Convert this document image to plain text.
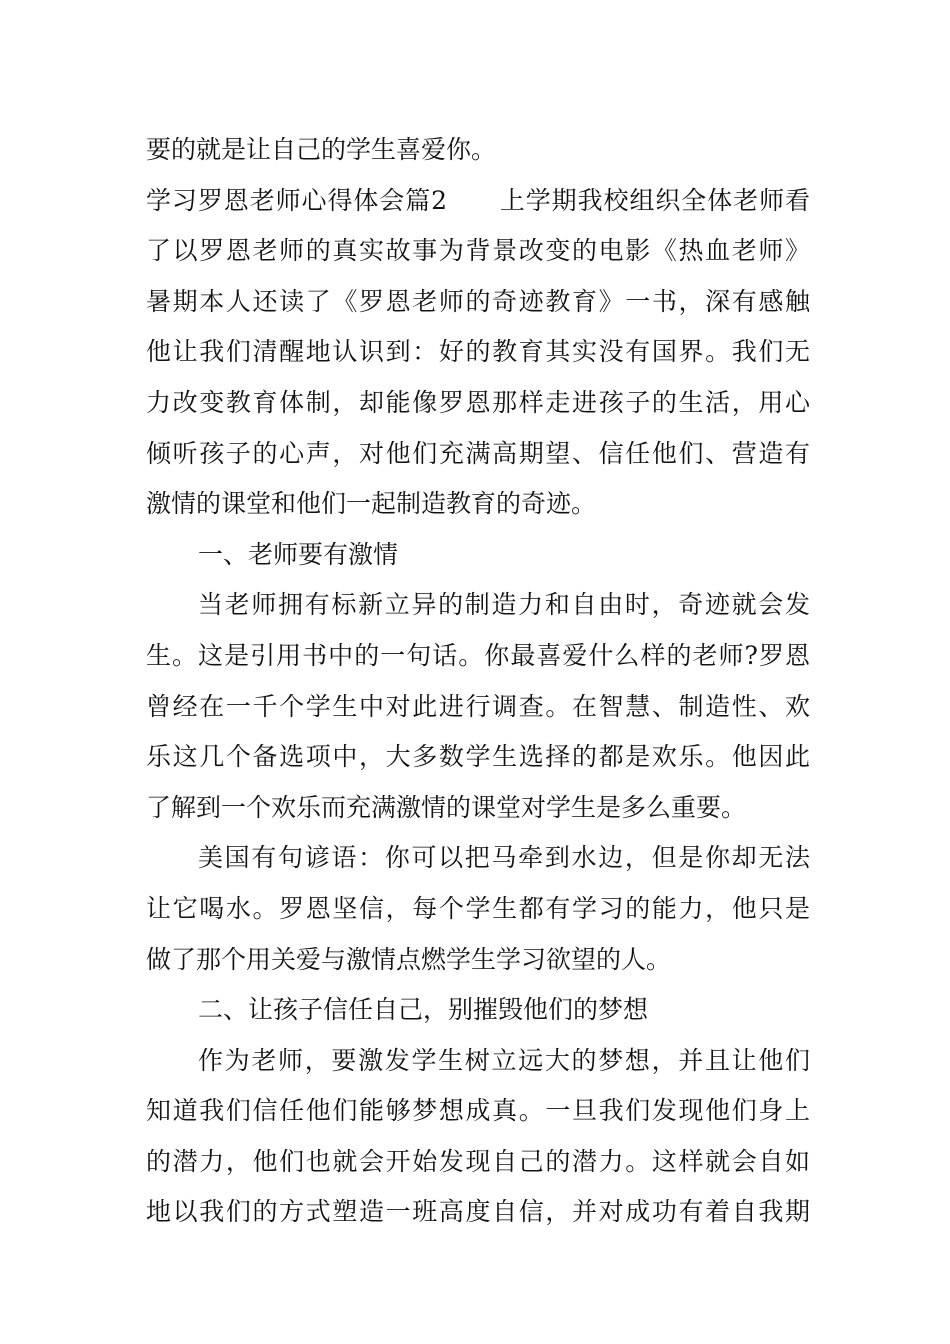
要的就是让自己的学生喜爱你。
学习罗恩老师心得体会篇2　　上学期我校组织全体老师看
了以罗恩老师的真实故事为背景改变的电影《热血老师》
暑期本人还读了《罗恩老师的奇迹教育》一书，深有感触
他让我们清醒地认识到：好的教育其实没有国界。我们无
力改变教育体制，却能像罗恩那样走进孩子的生活，用心
倾听孩子的心声，对他们充满高期望、信任他们、营造有
激情的课堂和他们一起制造教育的奇迹。
一、老师要有激情
当老师拥有标新立异的制造力和自由时，奇迹就会发
生。这是引用书中的一句话。你最喜爱什么样的老师?罗恩
曾经在一千个学生中对此进行调查。在智慧、制造性、欢
乐这几个备选项中，大多数学生选择的都是欢乐。他因此
了解到一个欢乐而充满激情的课堂对学生是多么重要。
美国有句谚语：你可以把马牵到水边，但是你却无法
让它喝水。罗恩坚信，每个学生都有学习的能力，他只是
做了那个用关爱与激情点燃学生学习欲望的人。
二、让孩子信任自己，别摧毁他们的梦想
作为老师，要激发学生树立远大的梦想，并且让他们
知道我们信任他们能够梦想成真。一旦我们发现他们身上
的潜力，他们也就会开始发现自己的潜力。这样就会自如
地以我们的方式塑造一班高度自信，并对成功有着自我期
